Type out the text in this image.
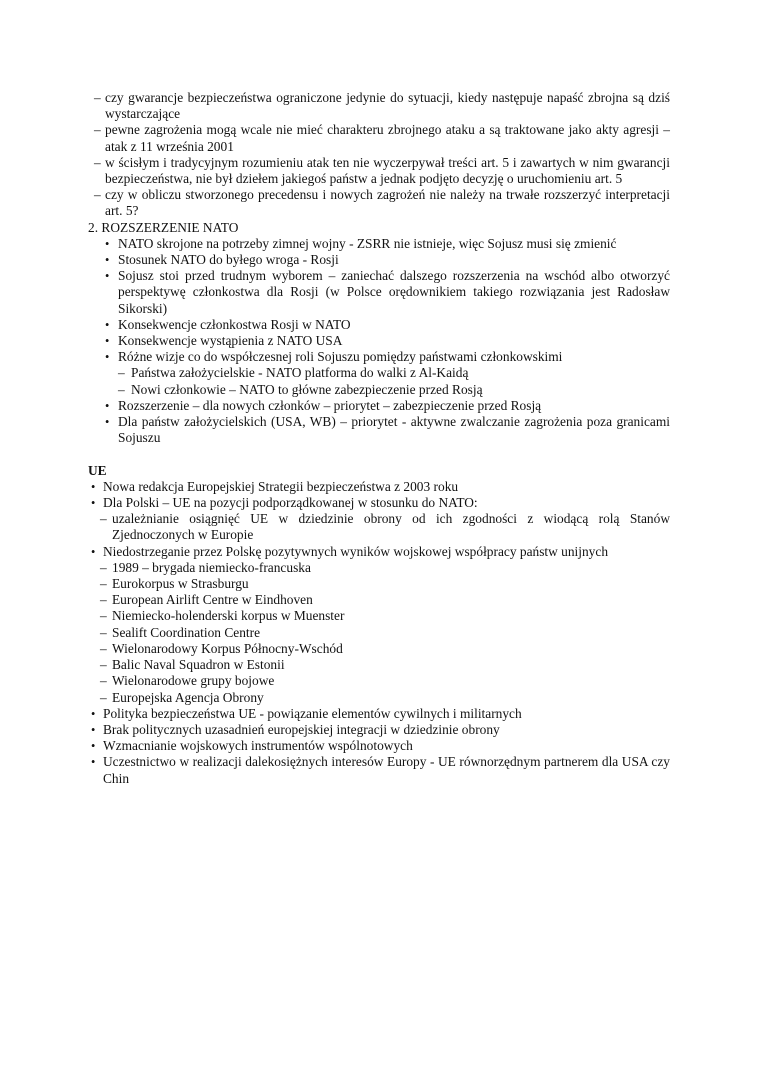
– czy gwarancje bezpieczeństwa ograniczone jedynie do sytuacji, kiedy następuje napaść zbrojna są dziś wystarczające
– pewne zagrożenia mogą wcale nie mieć charakteru zbrojnego ataku a są traktowane jako akty agresji – atak z 11 września 2001
– w ścisłym i tradycyjnym rozumieniu atak ten nie wyczerpywał treści art. 5 i zawartych w nim gwarancji bezpieczeństwa, nie był dziełem jakiegoś państw a jednak podjęto decyzję o uruchomieniu art. 5
– czy w obliczu stworzonego precedensu i nowych zagrożeń nie należy na trwałe rozszerzyć interpretacji art. 5?
2. ROZSZERZENIE NATO
• NATO skrojone na potrzeby zimnej wojny - ZSRR nie istnieje, więc Sojusz musi się zmienić
• Stosunek NATO do byłego wroga - Rosji
• Sojusz stoi przed trudnym wyborem – zaniechać dalszego rozszerzenia na wschód albo otworzyć perspektywę członkostwa dla Rosji (w Polsce orędownikiem takiego rozwiązania jest Radosław Sikorski)
• Konsekwencje członkostwa Rosji w NATO
• Konsekwencje wystąpienia z NATO USA
• Różne wizje co do współczesnej roli Sojuszu pomiędzy państwami członkowskimi
– Państwa założycielskie - NATO platforma do walki z Al-Kaidą
– Nowi członkowie – NATO to główne zabezpieczenie przed Rosją
• Rozszerzenie – dla nowych członków – priorytet – zabezpieczenie przed Rosją
• Dla państw założycielskich (USA, WB) – priorytet - aktywne zwalczanie zagrożenia poza granicami Sojuszu
UE
• Nowa redakcja Europejskiej Strategii bezpieczeństwa z 2003 roku
• Dla Polski – UE na pozycji podporządkowanej w stosunku do NATO:
– uzależnianie osiągnięć UE w dziedzinie obrony od ich zgodności z wiodącą rolą Stanów Zjednoczonych w Europie
• Niedostrzeganie przez Polskę pozytywnych wyników wojskowej współpracy państw unijnych
– 1989 – brygada niemiecko-francuska
– Eurokorpus w Strasburgu
– European Airlift Centre w Eindhoven
– Niemiecko-holenderski korpus w Muenster
– Sealift Coordination Centre
– Wielonarodowy Korpus Północny-Wschód
– Balic Naval Squadron w Estonii
– Wielonarodowe grupy bojowe
– Europejska Agencja Obrony
• Polityka bezpieczeństwa UE - powiązanie elementów cywilnych i militarnych
• Brak politycznych uzasadnień europejskiej integracji w dziedzinie obrony
• Wzmacnianie wojskowych instrumentów wspólnotowych
• Uczestnictwo w realizacji dalekosiężnych interesów Europy - UE równorzędnym partnerem dla USA czy Chin
